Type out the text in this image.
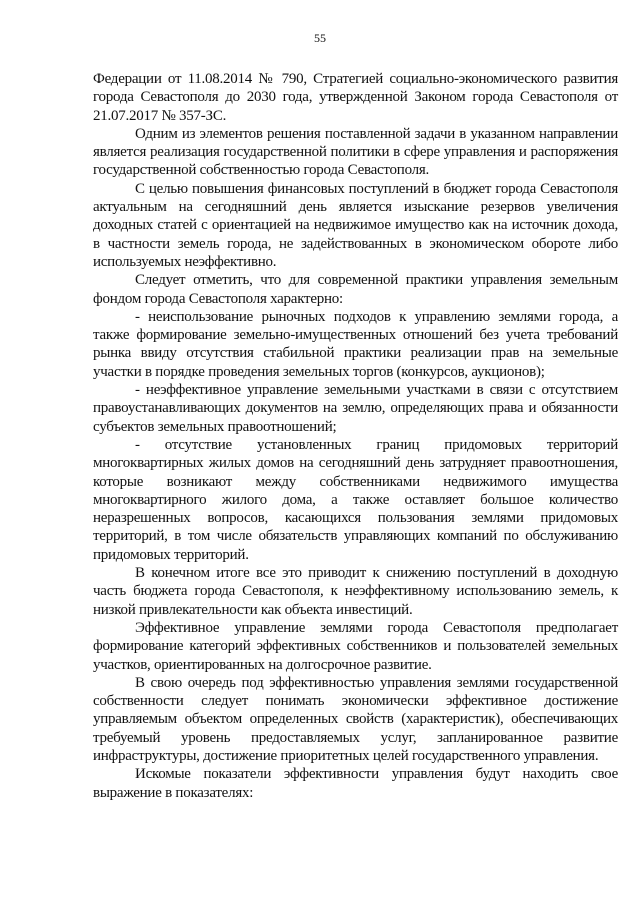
55

Федерации от 11.08.2014 № 790, Стратегией социально-экономического развития города Севастополя до 2030 года, утвержденной Законом города Севастополя от 21.07.2017 № 357-ЗС.

Одним из элементов решения поставленной задачи в указанном направлении является реализация государственной политики в сфере управления и распоряжения государственной собственностью города Севастополя.

С целью повышения финансовых поступлений в бюджет города Севастополя актуальным на сегодняшний день является изыскание резервов увеличения доходных статей с ориентацией на недвижимое имущество как на источник дохода, в частности земель города, не задействованных в экономическом обороте либо используемых неэффективно.

Следует отметить, что для современной практики управления земельным фондом города Севастополя характерно:

- неиспользование рыночных подходов к управлению землями города, а также формирование земельно-имущественных отношений без учета требований рынка ввиду отсутствия стабильной практики реализации прав на земельные участки в порядке проведения земельных торгов (конкурсов, аукционов);

- неэффективное управление земельными участками в связи с отсутствием правоустанавливающих документов на землю, определяющих права и обязанности субъектов земельных правоотношений;

- отсутствие установленных границ придомовых территорий многоквартирных жилых домов на сегодняшний день затрудняет правоотношения, которые возникают между собственниками недвижимого имущества многоквартирного жилого дома, а также оставляет большое количество неразрешенных вопросов, касающихся пользования землями придомовых территорий, в том числе обязательств управляющих компаний по обслуживанию придомовых территорий.

В конечном итоге все это приводит к снижению поступлений в доходную часть бюджета города Севастополя, к неэффективному использованию земель, к низкой привлекательности как объекта инвестиций.

Эффективное управление землями города Севастополя предполагает формирование категорий эффективных собственников и пользователей земельных участков, ориентированных на долгосрочное развитие.

В свою очередь под эффективностью управления землями государственной собственности следует понимать экономически эффективное достижение управляемым объектом определенных свойств (характеристик), обеспечивающих требуемый уровень предоставляемых услуг, запланированное развитие инфраструктуры, достижение приоритетных целей государственного управления.

Искомые показатели эффективности управления будут находить свое выражение в показателях:
